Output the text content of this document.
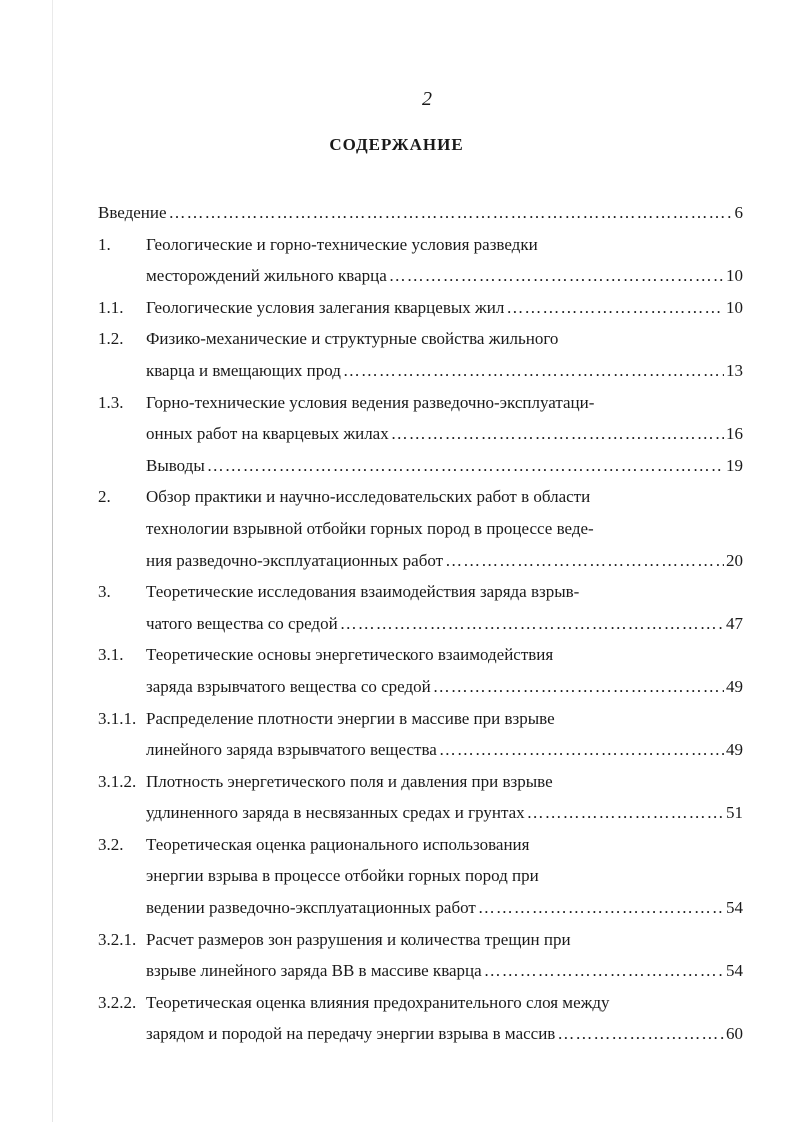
2
СОДЕРЖАНИЕ
Введение …………………………………………………………………………………………………………………………………………………………	6
1. Геологические и горно-технические условия разведки
месторождений жильного кварца …………………………………………………………………………………………………………………………………………………………	10
1.1. Геологические условия залегания кварцевых жил …………………………………………………………………………………………………………………………………………………………	10
1.2. Физико-механические и структурные свойства жильного
кварца и вмещающих прод …………………………………………………………………………………………………………………………………………………………	13
1.3. Горно-технические условия ведения разведочно-эксплуатаци-
онных работ на кварцевых жилах …………………………………………………………………………………………………………………………………………………………	16
Выводы …………………………………………………………………………………………………………………………………………………………	19
2. Обзор практики и научно-исследовательских работ в области
технологии взрывной отбойки горных пород в процессе веде-
ния разведочно-эксплуатационных работ …………………………………………………………………………………………………………………………………………………………	20
3. Теоретические исследования взаимодействия заряда взрыв-
чатого вещества со средой …………………………………………………………………………………………………………………………………………………………	47
3.1. Теоретические основы энергетического взаимодействия
заряда взрывчатого вещества со средой …………………………………………………………………………………………………………………………………………………………	49
3.1.1. Распределение плотности энергии в массиве при взрыве
линейного заряда взрывчатого вещества …………………………………………………………………………………………………………………………………………………………	49
3.1.2. Плотность энергетического поля и давления при взрыве
удлиненного заряда в несвязанных средах и грунтах …………………………………………………………………………………………………………………………………………………………	51
3.2. Теоретическая оценка рационального использования
энергии взрыва в процессе отбойки горных пород при
ведении разведочно-эксплуатационных работ …………………………………………………………………………………………………………………………………………………………	54
3.2.1. Расчет размеров зон разрушения и количества трещин при
взрыве линейного заряда ВВ в массиве кварца …………………………………………………………………………………………………………………………………………………………	54
3.2.2. Теоретическая оценка влияния предохранительного слоя между
зарядом и породой на передачу энергии взрыва в массив …………………………………………………………………………………………………………………………………………………………	60
